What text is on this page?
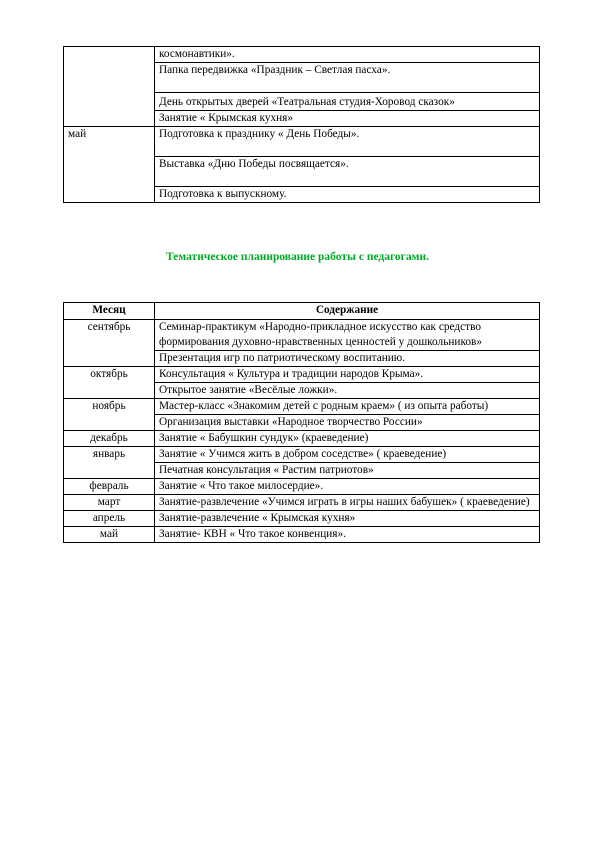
	космонавтики».
	Папка передвижка «Праздник – Светлая пасха».
	День открытых дверей «Театральная студия-Хоровод сказок»
	Занятие « Крымская кухня»
май	Подготовка к празднику « День Победы».
	Выставка «Дню Победы посвящается».
	Подготовка к выпускному.
Тематическое планирование работы с педагогами.
Месяц	Содержание
сентябрь	Семинар-практикум «Народно-прикладное искусство как средство формирования духовно-нравственных ценностей у дошкольников»
	Презентация игр по патриотическому воспитанию.
октябрь	Консультация « Культура и традиции народов Крыма».
	Открытое занятие «Весёлые ложки».
ноябрь	Мастер-класс «Знакомим детей с родным краем» ( из опыта работы)
	Организация выставки «Народное творчество России»
декабрь	Занятие « Бабушкин сундук» (краеведение)
январь	Занятие « Учимся жить в добром соседстве» ( краеведение)
	Печатная консультация « Растим патриотов»
февраль	Занятие « Что такое милосердие».
март	Занятие-развлечение «Учимся играть в игры наших бабушек» ( краеведение)
апрель	Занятие-развлечение « Крымская кухня»
май	Занятие- КВН « Что такое конвенция».
